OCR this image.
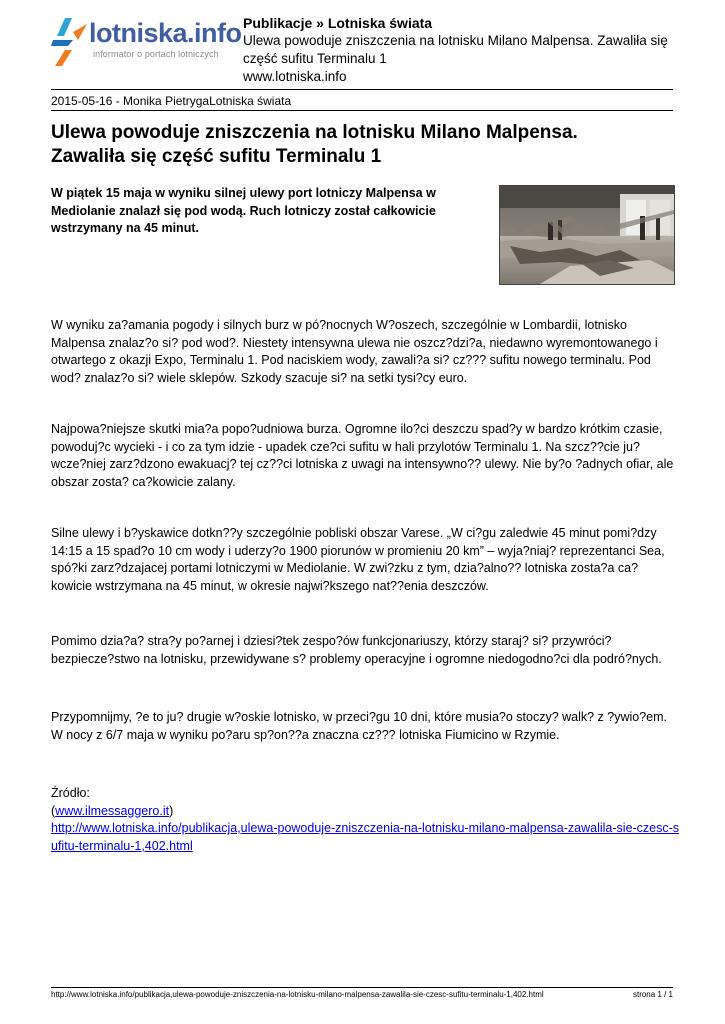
lotniska.info
informator o portach lotniczych
Publikacje » Lotniska świata
Ulewa powoduje zniszczenia na lotnisku Milano Malpensa. Zawaliła się część sufitu Terminalu 1
www.lotniska.info
2015-05-16 - Monika PietrygaLotniska świata
Ulewa powoduje zniszczenia na lotnisku Milano Malpensa. Zawaliła się część sufitu Terminalu 1

W piątek 15 maja w wyniku silnej ulewy port lotniczy Malpensa w Mediolanie znalazł się pod wodą. Ruch lotniczy został całkowicie wstrzymany na 45 minut.

W wyniku za?amania pogody i silnych burz w pó?nocnych W?oszech, szczególnie w Lombardii, lotnisko Malpensa znalaz?o si? pod wod?. Niestety intensywna ulewa nie oszcz?dzi?a, niedawno wyremontowanego i otwartego z okazji Expo, Terminalu 1. Pod naciskiem wody, zawali?a si? cz??? sufitu nowego terminalu. Pod wod? znalaz?o si? wiele sklepów. Szkody szacuje si? na setki tysi?cy euro.

Najpowa?niejsze skutki mia?a popo?udniowa burza. Ogromne ilo?ci deszczu spad?y w bardzo krótkim czasie, powoduj?c wycieki - i co za tym idzie - upadek cze?ci sufitu w hali przylotów Terminalu 1. Na szcz??cie ju? wcze?niej zarz?dzono ewakuacj? tej cz??ci lotniska z uwagi na intensywno?? ulewy. Nie by?o ?adnych ofiar, ale obszar zosta? ca?kowicie zalany.

Silne ulewy i b?yskawice dotkn??y szczególnie pobliski obszar Varese. „W ci?gu zaledwie 45 minut pomi?dzy 14:15 a 15 spad?o 10 cm wody i uderzy?o 1900 piorunów w promieniu 20 km” – wyja?niaj? reprezentanci Sea, spó?ki zarz?dzajacej portami lotniczymi w Mediolanie. W zwi?zku z tym, dzia?alno?? lotniska zosta?a ca?kowicie wstrzymana na 45 minut, w okresie najwi?kszego nat??enia deszczów.

Pomimo dzia?a? stra?y po?arnej i dziesi?tek zespo?ów funkcjonariuszy, którzy staraj? si? przywróci? bezpiecze?stwo na lotnisku, przewidywane s? problemy operacyjne i ogromne niedogodno?ci dla podró?nych.

Przypomnijmy, ?e to ju? drugie w?oskie lotnisko, w przeci?gu 10 dni, które musia?o stoczy? walk? z ?ywio?em. W nocy z 6/7 maja w wyniku po?aru sp?on??a znaczna cz??? lotniska Fiumicino w Rzymie.

Źródło:
(www.ilmessaggero.it)
http://www.lotniska.info/publikacja,ulewa-powoduje-zniszczenia-na-lotnisku-milano-malpensa-zawalila-sie-czesc-sufitu-terminalu-1,402.html
http://www.lotniska.info/publikacja,ulewa-powoduje-zniszczenia-na-lotnisku-milano-malpensa-zawalila-sie-czesc-sufitu-terminalu-1,402.html	strona 1 / 1
